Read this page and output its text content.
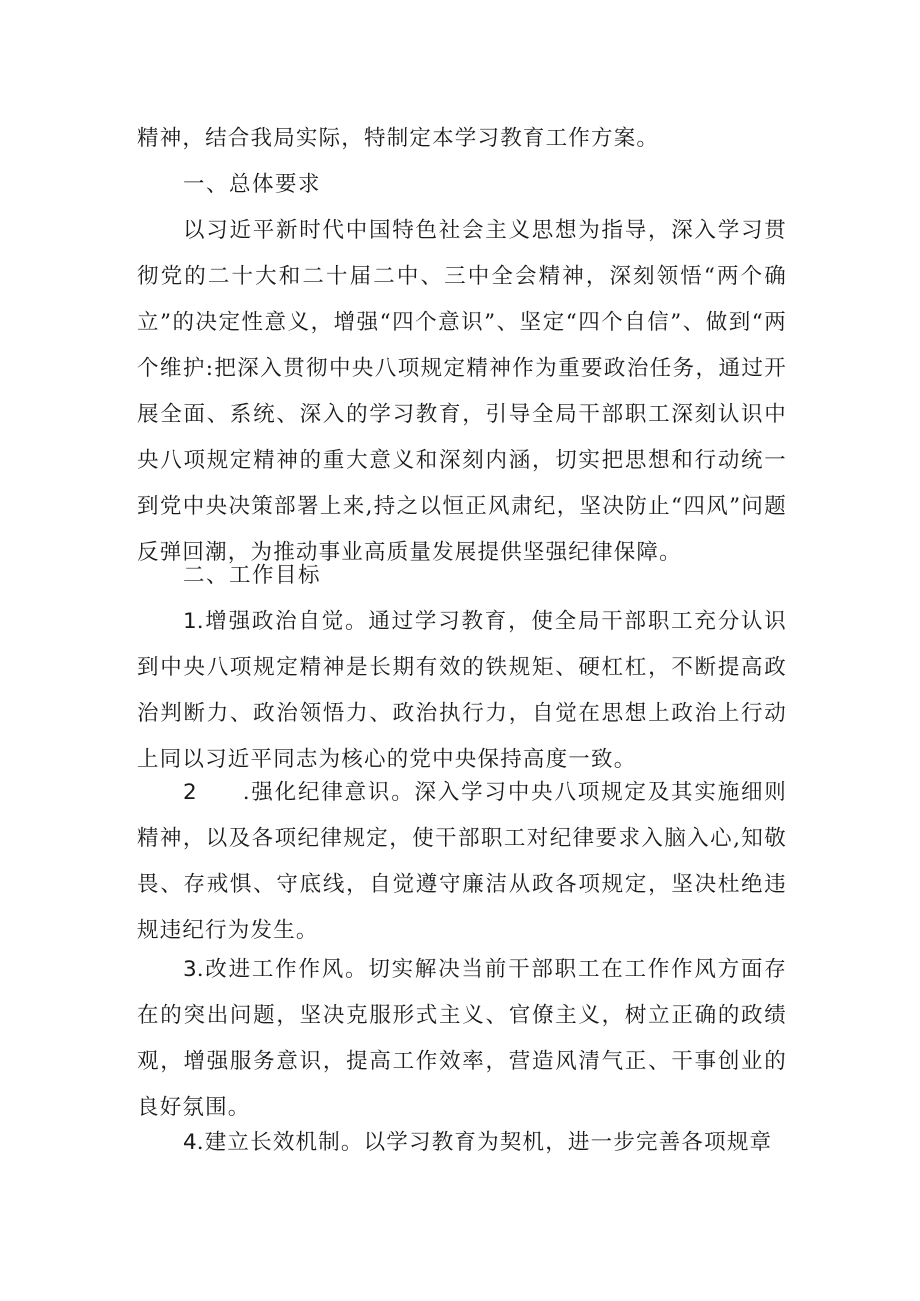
精神，结合我局实际，特制定本学习教育工作方案。

一、总体要求

以习近平新时代中国特色社会主义思想为指导，深入学习贯彻党的二十大和二十届二中、三中全会精神，深刻领悟“两个确立”的决定性意义，增强“四个意识”、坚定“四个自信”、做到“两个维护:把深入贯彻中央八项规定精神作为重要政治任务，通过开展全面、系统、深入的学习教育，引导全局干部职工深刻认识中央八项规定精神的重大意义和深刻内涵，切实把思想和行动统一到党中央决策部署上来,持之以恒正风肃纪，坚决防止“四风”问题反弹回潮，为推动事业高质量发展提供坚强纪律保障。

二、工作目标

1.增强政治自觉。通过学习教育，使全局干部职工充分认识到中央八项规定精神是长期有效的铁规矩、硬杠杠，不断提高政治判断力、政治领悟力、政治执行力，自觉在思想上政治上行动上同以习近平同志为核心的党中央保持高度一致。

2 .强化纪律意识。深入学习中央八项规定及其实施细则精神，以及各项纪律规定，使干部职工对纪律要求入脑入心,知敬畏、存戒惧、守底线，自觉遵守廉洁从政各项规定，坚决杜绝违规违纪行为发生。

3.改进工作作风。切实解决当前干部职工在工作作风方面存在的突出问题，坚决克服形式主义、官僚主义，树立正确的政绩观，增强服务意识，提高工作效率，营造风清气正、干事创业的良好氛围。

4.建立长效机制。以学习教育为契机，进一步完善各项规章
